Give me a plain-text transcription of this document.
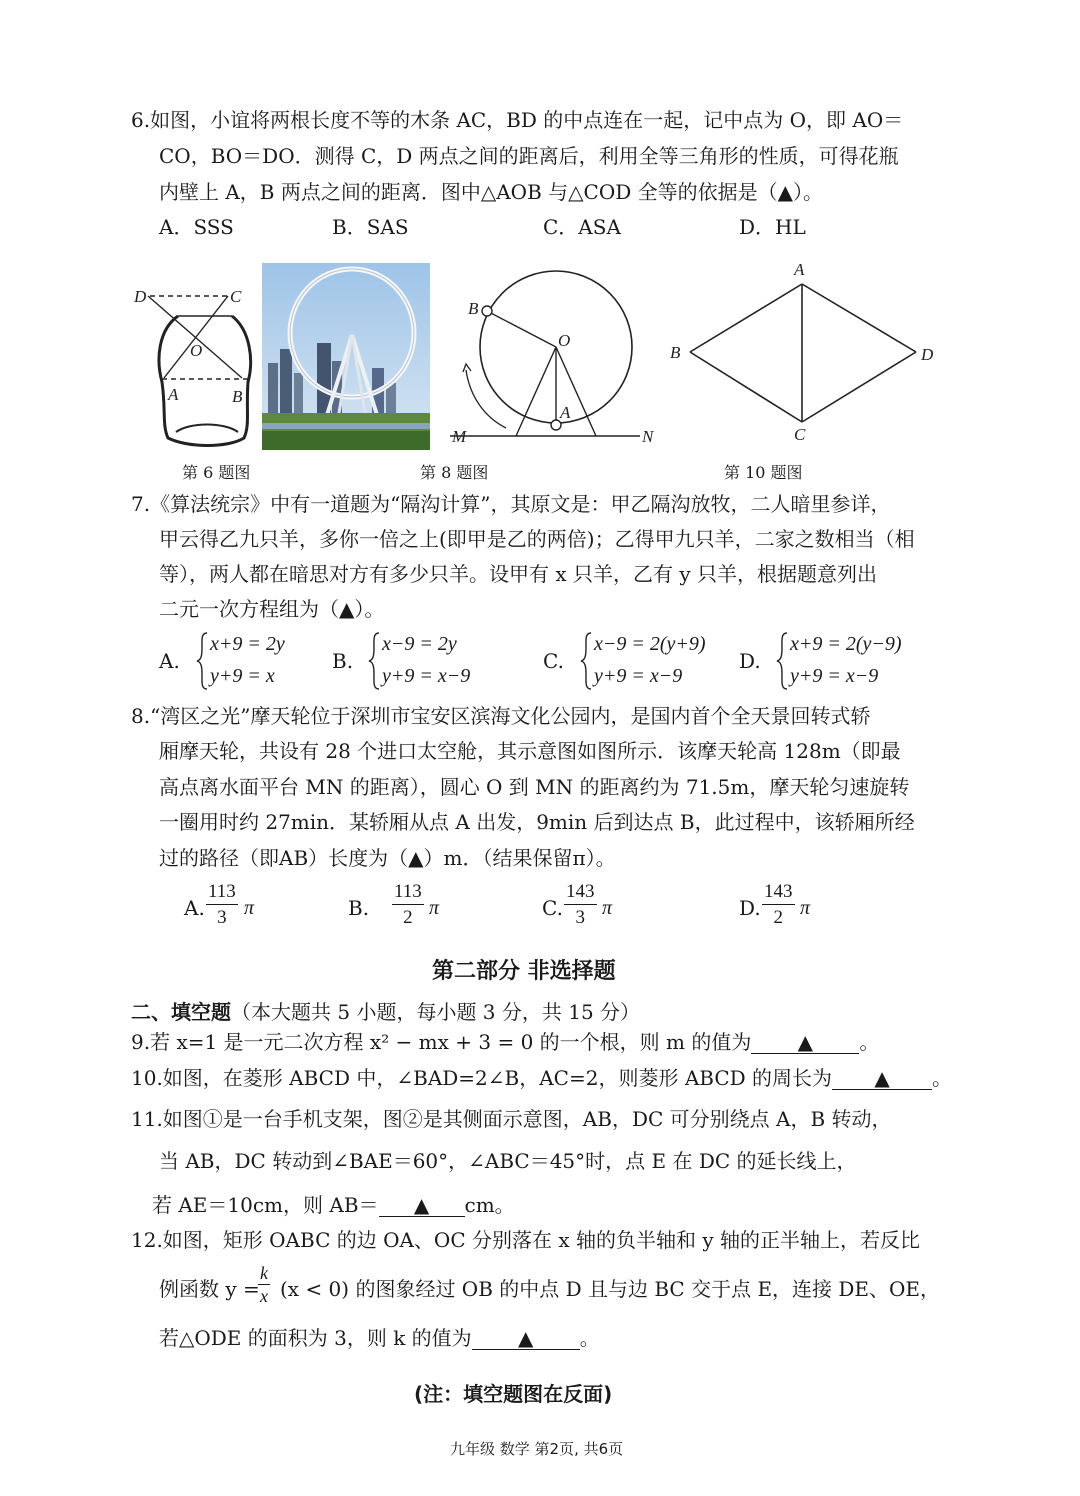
6.如图，小谊将两根长度不等的木条 AC，BD 的中点连在一起，记中点为 O，即 AO＝
CO，BO＝DO．测得 C，D 两点之间的距离后，利用全等三角形的性质，可得花瓶
内壁上 A，B 两点之间的距离．图中△AOB 与△COD 全等的依据是（▲）。
A．SSS	B．SAS	C．ASA	D．HL
D	C
O
A	B
B
O
A
M	N
A
B	D
C
第 6 题图	第 8 题图	第 10 题图
7.《算法统宗》中有一道题为“隔沟计算”，其原文是：甲乙隔沟放牧，二人暗里参详，
甲云得乙九只羊，多你一倍之上(即甲是乙的两倍)；乙得甲九只羊，二家之数相当（相
等），两人都在暗思对方有多少只羊。设甲有 x 只羊，乙有 y 只羊，根据题意列出
二元一次方程组为（▲）。
A.
x+9 = 2y
y+9 = x
B.
x−9 = 2y
y+9 = x−9
C.
x−9 = 2(y+9)
y+9 = x−9
D.
x+9 = 2(y−9)
y+9 = x−9
8.“湾区之光”摩天轮位于深圳市宝安区滨海文化公园内，是国内首个全天景回转式轿
厢摩天轮，共设有 28 个进口太空舱，其示意图如图所示．该摩天轮高 128m（即最
高点离水面平台 MN 的距离），圆心 O 到 MN 的距离约为 71.5m，摩天轮匀速旋转
一圈用时约 27min．某轿厢从点 A 出发，9min 后到达点 B，此过程中，该轿厢所经
过的路径（即AB）长度为（▲）m．（结果保留π）。
A. $\frac{113}{3}$ π	B. $\frac{113}{2}$ π	C. $\frac{143}{3}$ π	D. $\frac{143}{2}$ π
第二部分 非选择题
二、填空题（本大题共 5 小题，每小题 3 分，共 15 分）
9.若 x=1 是一元二次方程 x² − mx + 3 = 0 的一个根，则 m 的值为 ▲ 。
10.如图，在菱形 ABCD 中，∠BAD=2∠B，AC=2，则菱形 ABCD 的周长为 ▲ 。
11.如图①是一台手机支架，图②是其侧面示意图，AB，DC 可分别绕点 A，B 转动，
当 AB，DC 转动到∠BAE＝60°，∠ABC＝45°时，点 E 在 DC 的延长线上，
若 AE＝10cm，则 AB＝ ▲ cm。
12.如图，矩形 OABC 的边 OA、OC 分别落在 x 轴的负半轴和 y 轴的正半轴上，若反比
例函数 y =
$\frac{k}{x} (x < 0)$ 的图象经过 OB 的中点 D 且与边 BC 交于点 E，连接 DE、OE，
若△ODE 的面积为 3，则 k 的值为 ▲ 。
(注：填空题图在反面)
九年级 数学 第2页, 共6页
